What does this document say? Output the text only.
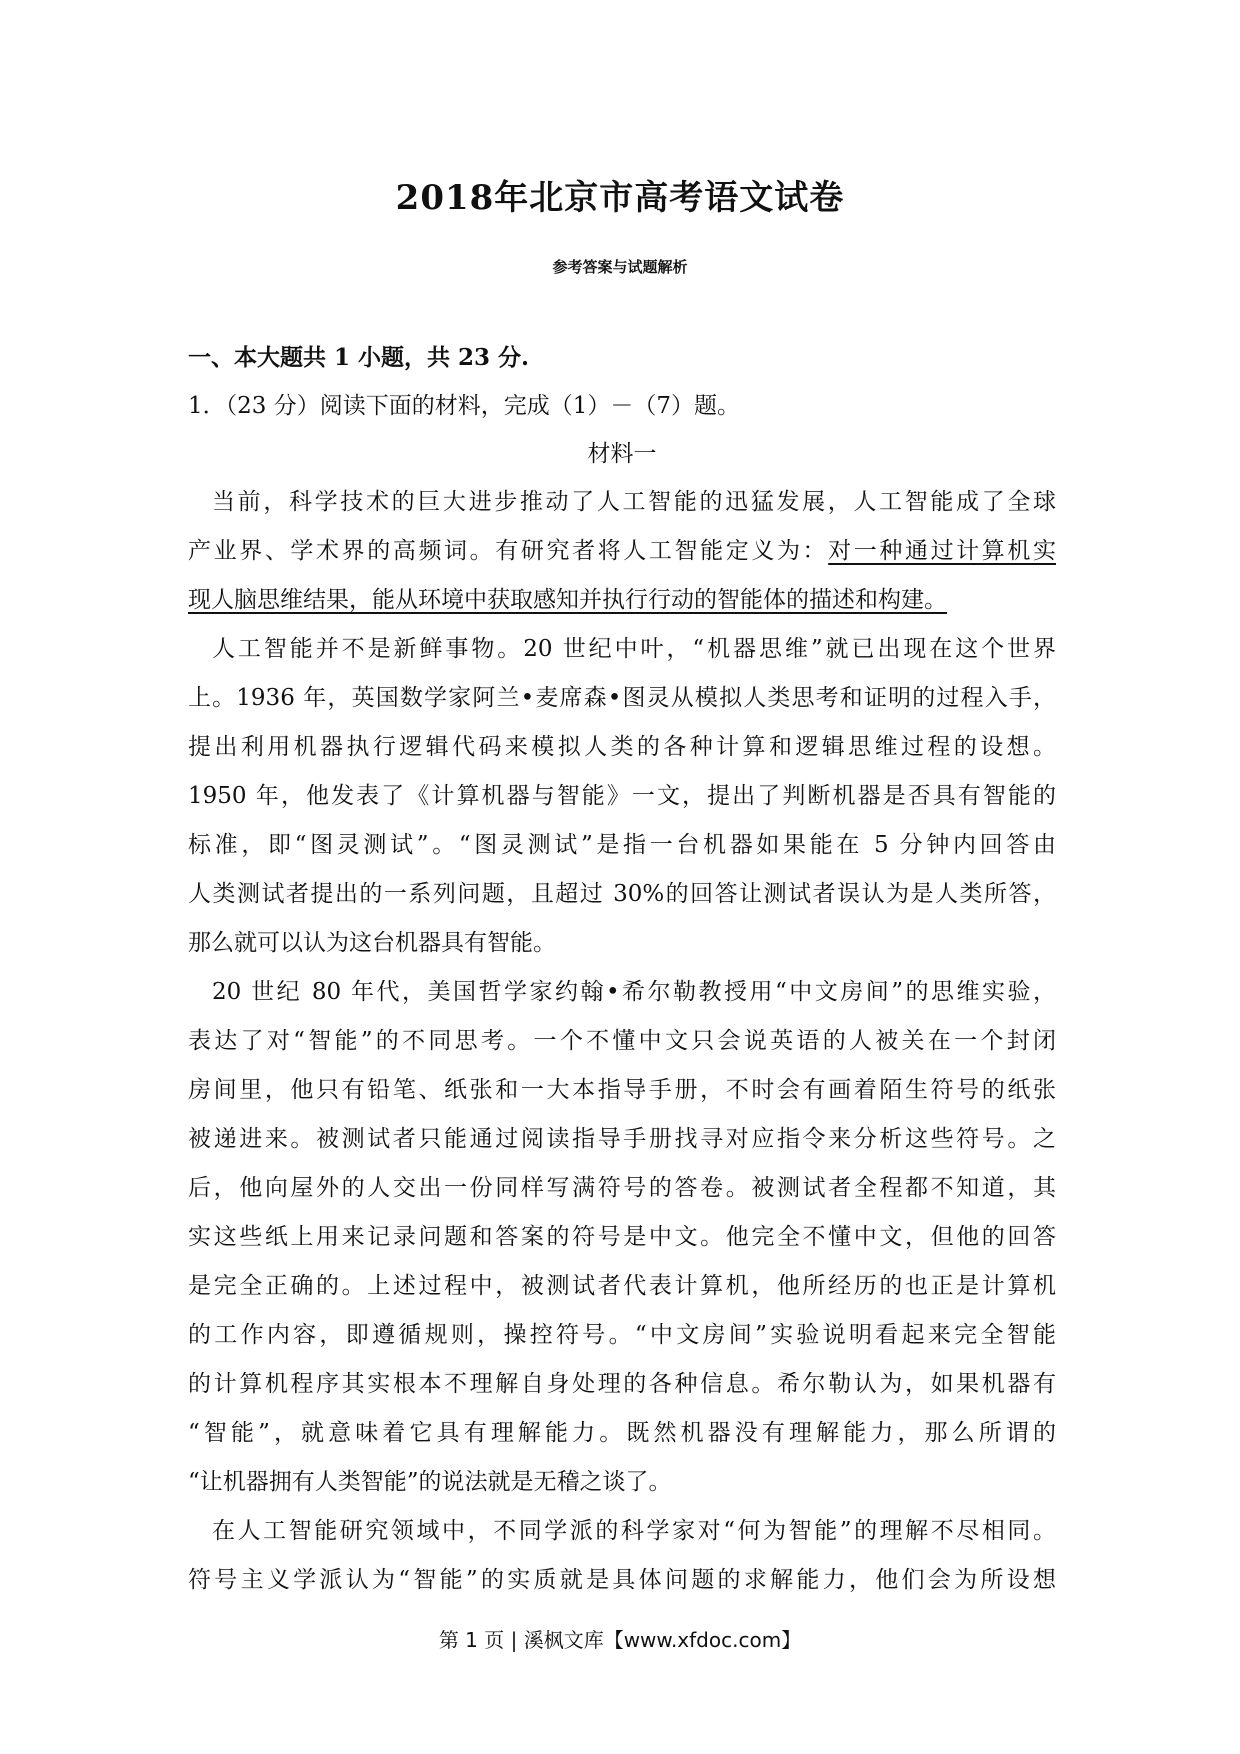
2018年北京市高考语文试卷
参考答案与试题解析
一、本大题共 1 小题，共 23 分.
1．（23 分）阅读下面的材料，完成（1）－（7）题。
材料一
当前，科学技术的巨大进步推动了人工智能的迅猛发展，人工智能成了全球
产业界、学术界的高频词。有研究者将人工智能定义为：对一种通过计算机实
现人脑思维结果，能从环境中获取感知并执行行动的智能体的描述和构建。
人工智能并不是新鲜事物。20 世纪中叶，“机器思维”就已出现在这个世界
上。1936 年，英国数学家阿兰•麦席森•图灵从模拟人类思考和证明的过程入手，
提出利用机器执行逻辑代码来模拟人类的各种计算和逻辑思维过程的设想。
1950 年，他发表了《计算机器与智能》一文，提出了判断机器是否具有智能的
标准，即“图灵测试”。“图灵测试”是指一台机器如果能在 5 分钟内回答由
人类测试者提出的一系列问题，且超过 30%的回答让测试者误认为是人类所答，
那么就可以认为这台机器具有智能。
20 世纪 80 年代，美国哲学家约翰•希尔勒教授用“中文房间”的思维实验，
表达了对“智能”的不同思考。一个不懂中文只会说英语的人被关在一个封闭
房间里，他只有铅笔、纸张和一大本指导手册，不时会有画着陌生符号的纸张
被递进来。被测试者只能通过阅读指导手册找寻对应指令来分析这些符号。之
后，他向屋外的人交出一份同样写满符号的答卷。被测试者全程都不知道，其
实这些纸上用来记录问题和答案的符号是中文。他完全不懂中文，但他的回答
是完全正确的。上述过程中，被测试者代表计算机，他所经历的也正是计算机
的工作内容，即遵循规则，操控符号。“中文房间”实验说明看起来完全智能
的计算机程序其实根本不理解自身处理的各种信息。希尔勒认为，如果机器有
“智能”，就意味着它具有理解能力。既然机器没有理解能力，那么所谓的
“让机器拥有人类智能”的说法就是无稽之谈了。
在人工智能研究领域中，不同学派的科学家对“何为智能”的理解不尽相同。
符号主义学派认为“智能”的实质就是具体问题的求解能力，他们会为所设想
第 1 页 | 溪枫文库【www.xfdoc.com】
